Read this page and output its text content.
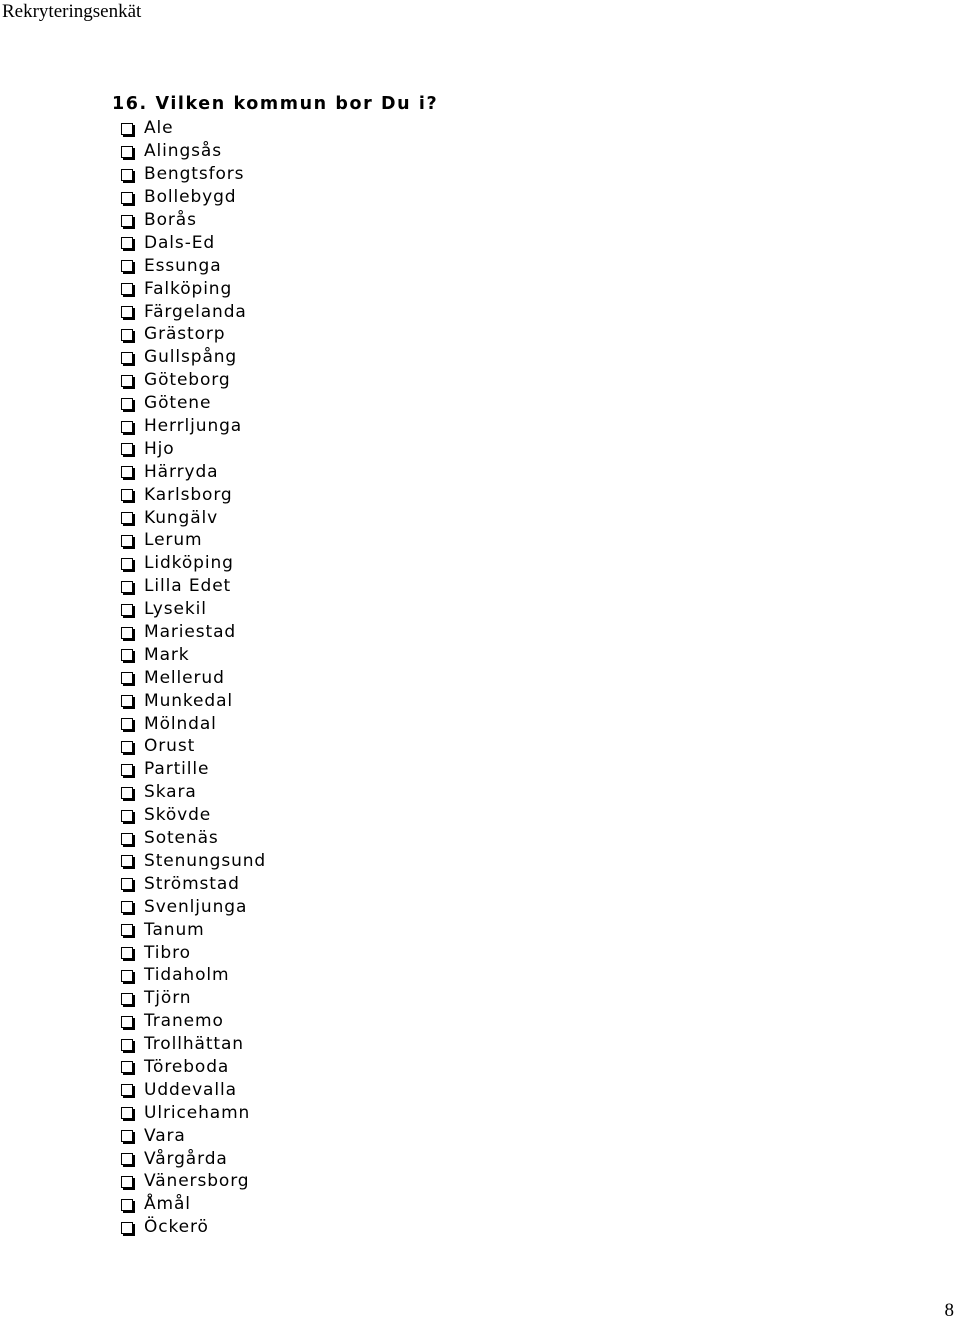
Rekryteringsenkät
16. Vilken kommun bor Du i?
Ale
Alingsås
Bengtsfors
Bollebygd
Borås
Dals-Ed
Essunga
Falköping
Färgelanda
Grästorp
Gullspång
Göteborg
Götene
Herrljunga
Hjo
Härryda
Karlsborg
Kungälv
Lerum
Lidköping
Lilla Edet
Lysekil
Mariestad
Mark
Mellerud
Munkedal
Mölndal
Orust
Partille
Skara
Skövde
Sotenäs
Stenungsund
Strömstad
Svenljunga
Tanum
Tibro
Tidaholm
Tjörn
Tranemo
Trollhättan
Töreboda
Uddevalla
Ulricehamn
Vara
Vårgårda
Vänersborg
Åmål
Öckerö
8
